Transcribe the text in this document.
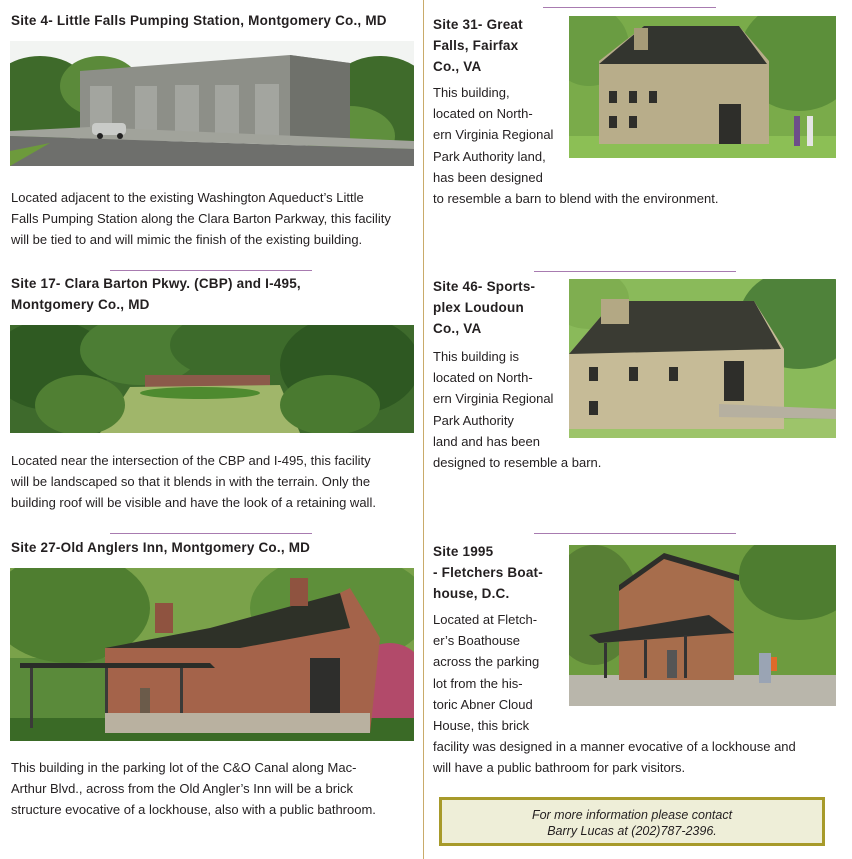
Site 4- Little Falls Pumping Station, Montgomery Co., MD
Located adjacent to the existing Washington Aqueduct’s Little
Falls Pumping Station along the Clara Barton Parkway, this facility
will be tied to and will mimic the finish of the existing building.
Site 17- Clara Barton Pkwy. (CBP) and I-495,
Montgomery Co., MD
Located near the intersection of the CBP and I-495, this facility
will be landscaped so that it blends in with the terrain. Only the
building roof will be visible and have the look of a retaining wall.
Site 27-Old Anglers Inn, Montgomery Co., MD
This building in the parking lot of the C&O Canal along Mac-
Arthur Blvd., across from the Old Angler’s Inn will be a brick
structure evocative of a lockhouse, also with a public bathroom.
Site 31- Great
Falls, Fairfax
Co., VA
This building,
located on North-
ern Virginia Regional
Park Authority land,
has been designed
to resemble a barn to blend with the environment.
Site 46- Sports-
plex Loudoun
Co., VA
This building is
located on North-
ern Virginia Regional
Park Authority
land and has been
designed to resemble a barn.
Site 1995
- Fletchers Boat-
house, D.C.
Located at Fletch-
er’s Boathouse
across the parking
lot from the his-
toric Abner Cloud
House, this brick
facility was designed in a manner evocative of a lockhouse and
will have a public bathroom for park visitors.
For more information please contact
Barry Lucas at (202)787-2396.
